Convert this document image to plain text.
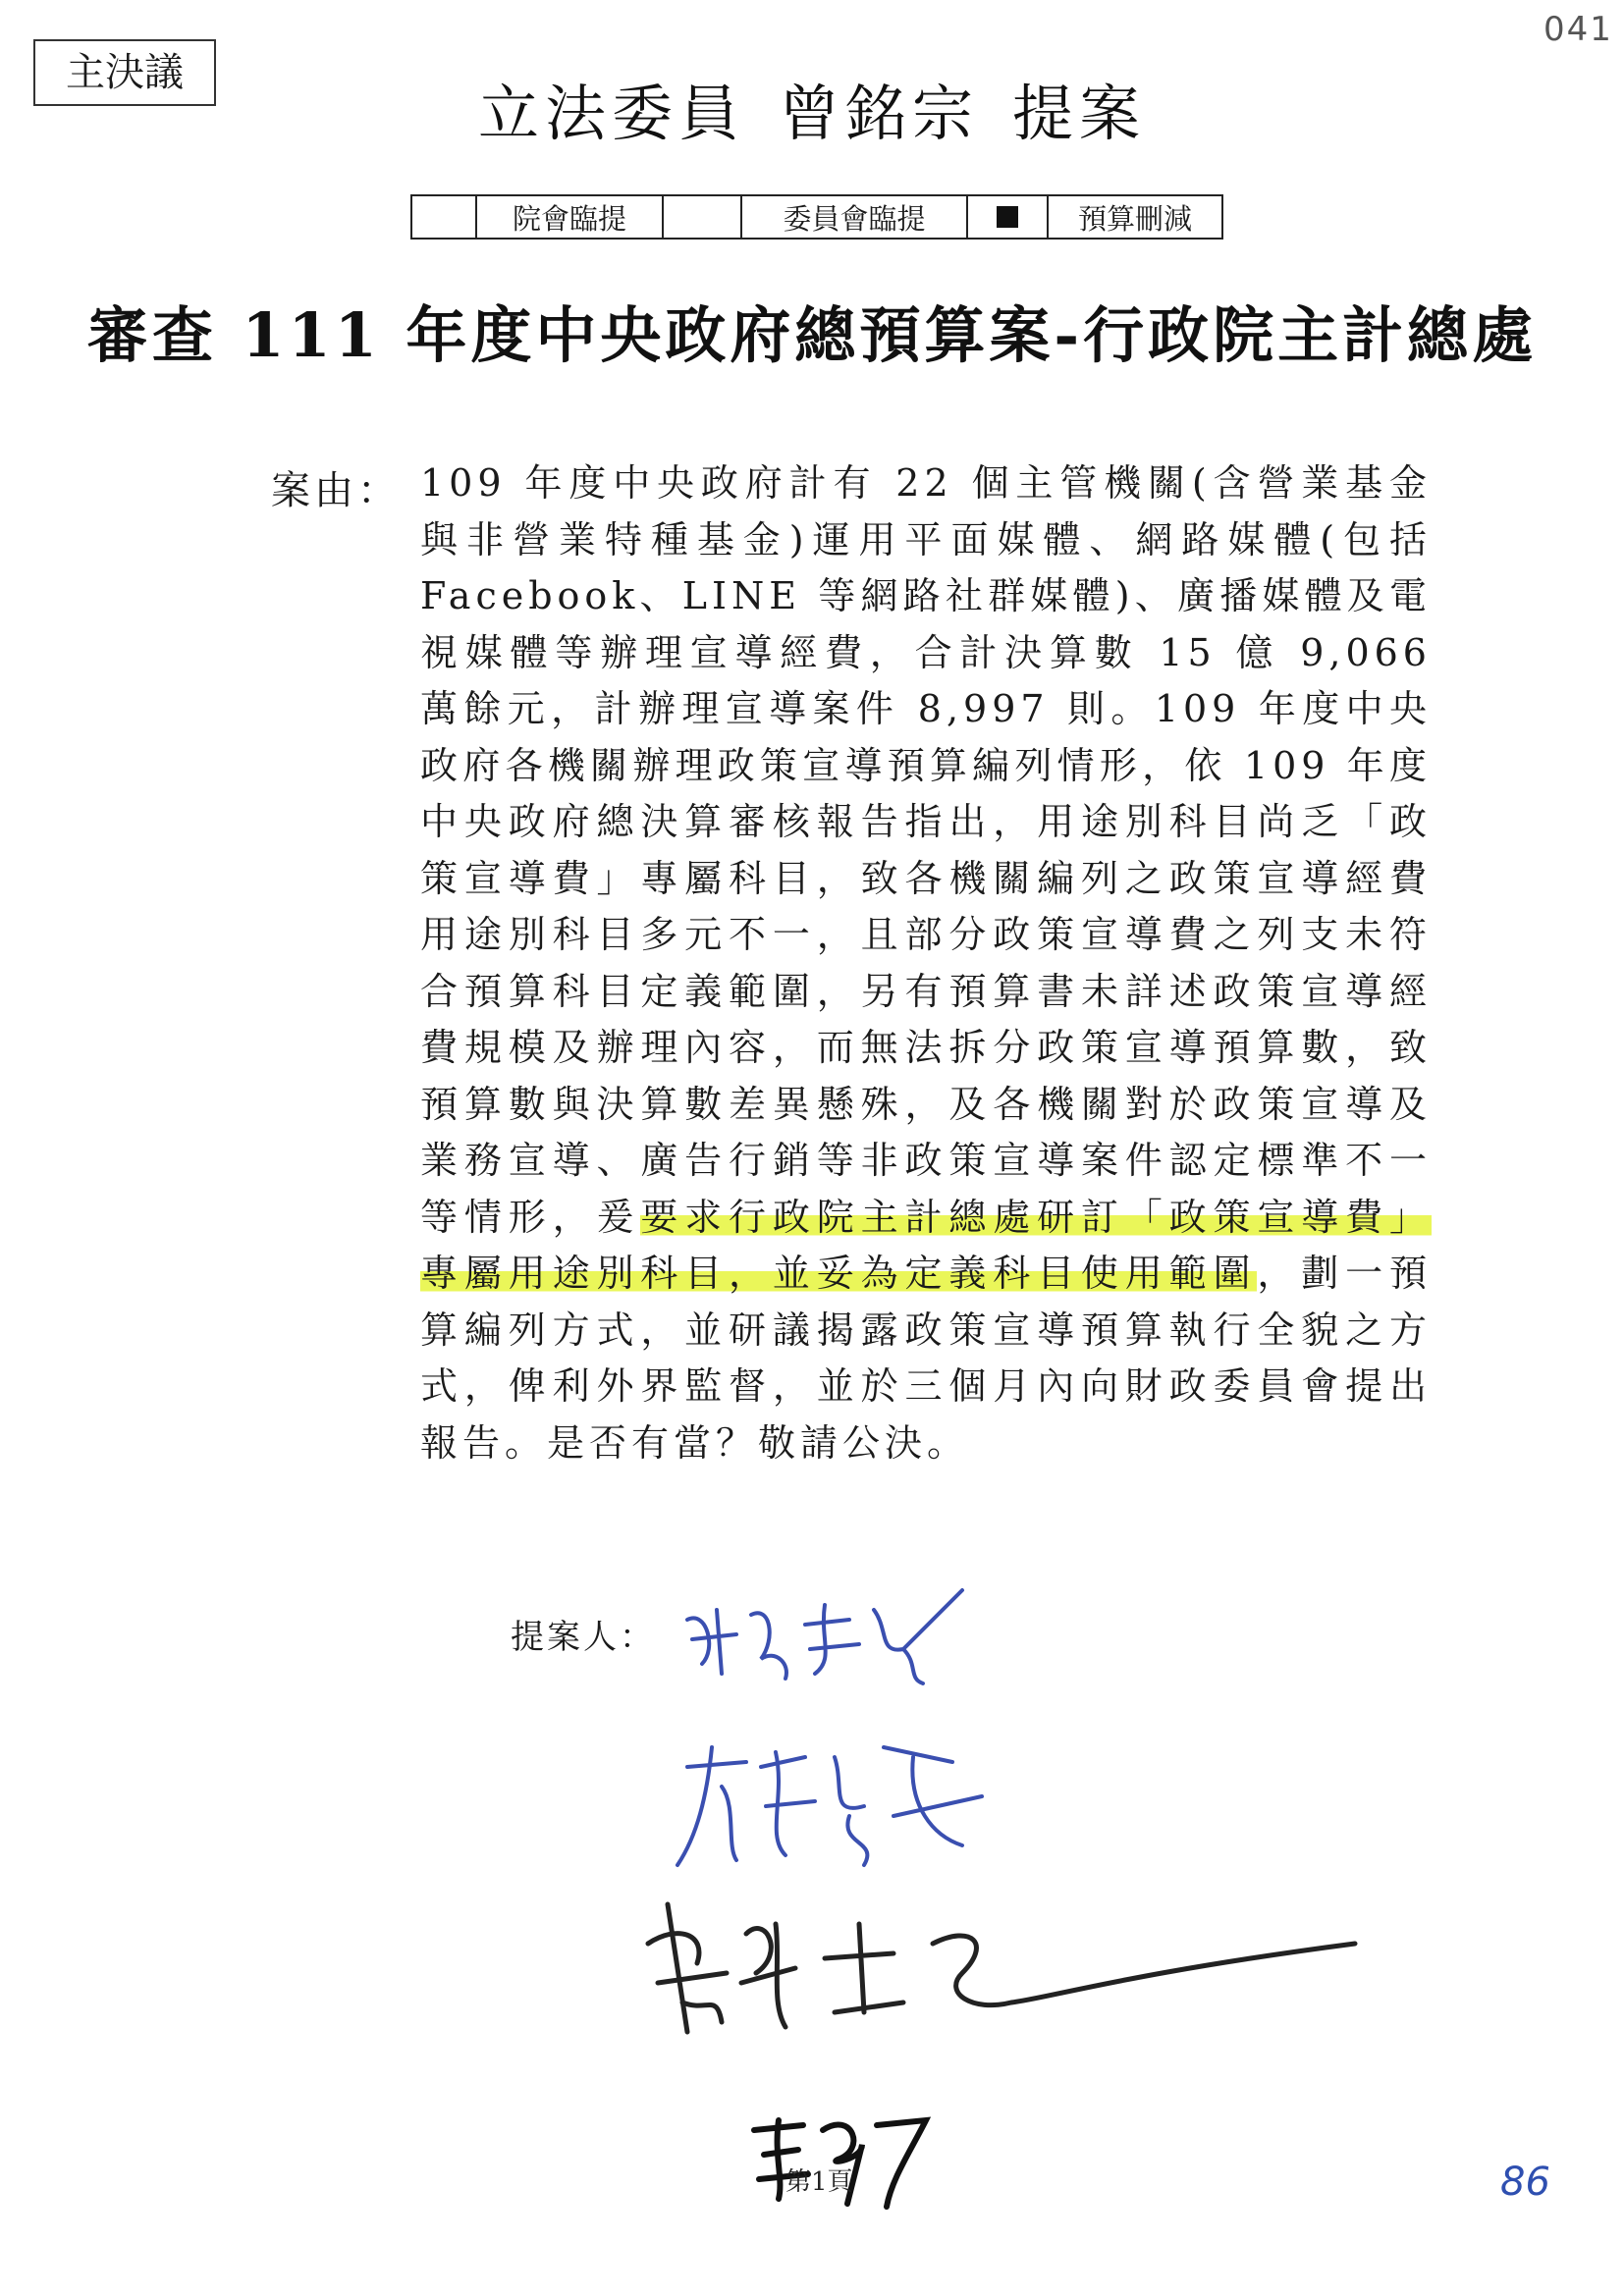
主決議
041
立法委員 曾銘宗 提案
院會臨提	委員會臨提	預算刪減
審查 111 年度中央政府總預算案-行政院主計總處
案由： 109 年度中央政府計有 22 個主管機關(含營業基金與非營業特種基金)運用平面媒體、網路媒體(包括 Facebook、LINE 等網路社群媒體)、廣播媒體及電視媒體等辦理宣導經費，合計決算數 15 億 9,066 萬餘元，計辦理宣導案件 8,997 則。109 年度中央政府各機關辦理政策宣導預算編列情形，依 109 年度中央政府總決算審核報告指出，用途別科目尚乏「政策宣導費」專屬科目，致各機關編列之政策宣導經費用途別科目多元不一，且部分政策宣導費之列支未符合預算科目定義範圍，另有預算書未詳述政策宣導經費規模及辦理內容，而無法拆分政策宣導預算數，致預算數與決算數差異懸殊，及各機關對於政策宣導及業務宣導、廣告行銷等非政策宣導案件認定標準不一等情形，爰要求行政院主計總處研訂「政策宣導費」專屬用途別科目，並妥為定義科目使用範圍，劃一預算編列方式，並研議揭露政策宣導預算執行全貌之方式，俾利外界監督，並於三個月內向財政委員會提出報告。是否有當？敬請公決。
提案人：
第1頁	86
